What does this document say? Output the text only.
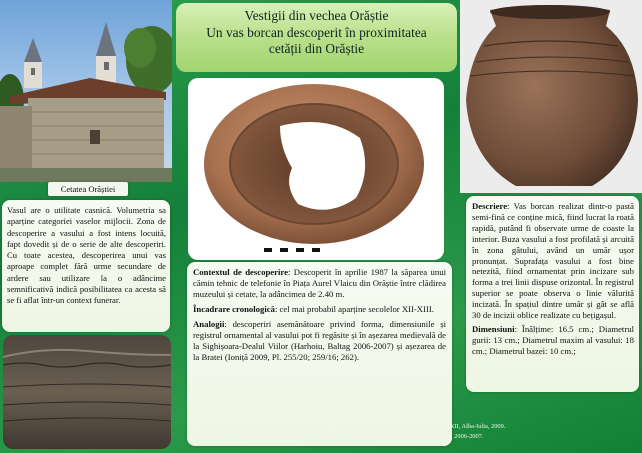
Cetatea Orăștiei
Vasul are o utilitate casnică. Volumetria sa aparține categoriei vaselor mijlocii. Zona de descoperire a vasului a fost intens locuită, fapt dovedit și de o serie de alte descoperiri. Cu toate acestea, descoperirea unui vas aproape complet fără urme secundare de ardere sau utilizare la o adâncime semnificativă indică posibilitatea ca acesta să se fi aflat într-un context funerar.
Vestigii din vechea Orăștie
Un vas borcan descoperit în proximitatea
cetății din Orăștie

Contextul de descoperire: Descoperit în aprilie 1987 la săparea unui cămin tehnic de telefonie în Piața Aurel Vlaicu din Orăștie între clădirea muzeului și cetate, la adâncimea de 2.40 m.

Încadrare cronologică: cel mai probabil aparține secolelor XII-XIII.

Analogii: descoperiri asemănătoare privind forma, dimensiunile și registrul ornamental al vasului pot fi regăsite și în așezarea medievală de la Sighișoara-Dealul Viilor (Harhoiu, Baltag 2006-2007) și așezarea de la Bratei (Ioniță 2009, Pl. 255/20; 259/16; 262).

Descriere: Vas borcan realizat dintr-o pastă semi-fină ce conține mică, fiind lucrat la roată rapidă, putând fi observate urme de coaste la interior. Buza vasului a fost profilată și arcuită în zona gâtului, având un umăr ușor pronunțat. Suprafața vasului a fost bine netezită, fiind ornamentat prin incizare sub forma a trei linii dispuse orizontal. În registrul superior se poate observa o linie vălurită incizată. În spațiul dintre umăr și gât se află 30 de incizii oblice realizate cu bețigașul.

Dimensiuni: Înălțime: 16.5 cm.; Diametrul gurii: 13 cm.; Diametrul maxim al vasului: 18 cm.; Diametrul bazei: 10 cm.;

Bibliografie: Adrian Ioniță, Așezarea din secolele XII-XIII de la Bratei, Biblioteca Brukenthal BB XXXII, Alba-Iulia, 2009.
Radu Harhoiu, Gheorghe Baltag, Sighișoara – „Dealul Viilor”. Monografie arheologică, Cluj-Napoca, 2006-2007.
